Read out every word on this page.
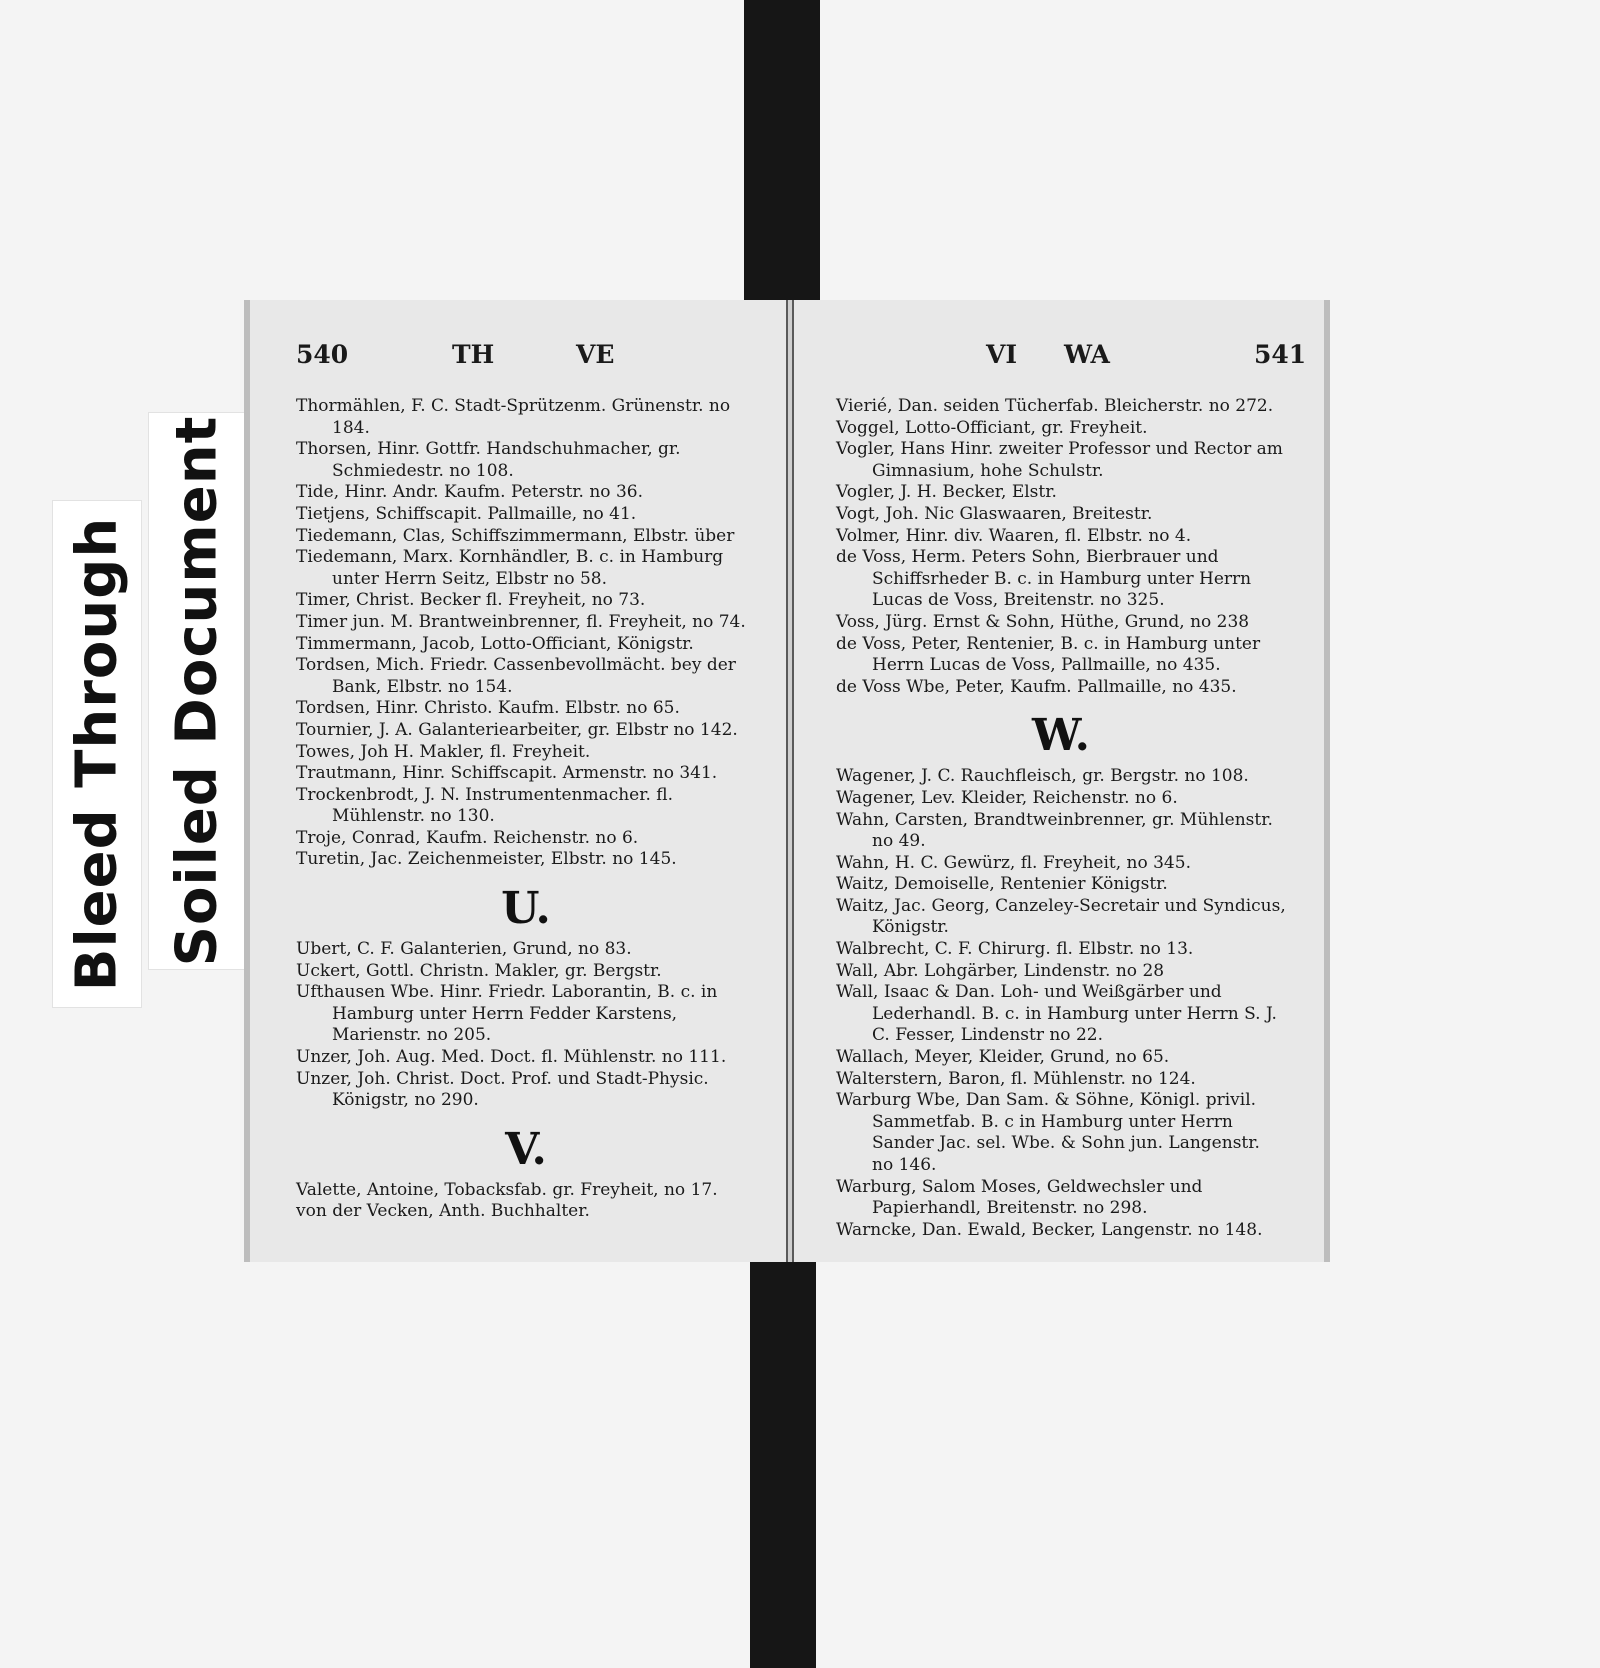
Bleed Through Soiled Document
540	TH	VE

Thormählen, F. C. Stadt-Sprützenm. Grünenstr. no 184.

Thorsen, Hinr. Gottfr. Handschuhmacher, gr. Schmiedestr. no 108.

Tide, Hinr. Andr. Kaufm. Peterstr. no 36.

Tietjens, Schiffscapit. Pallmaille, no 41.

Tiedemann, Clas, Schiffszimmermann, Elbstr. über

Tiedemann, Marx. Kornhändler, B. c. in Hamburg unter Herrn Seitz, Elbstr no 58.

Timer, Christ. Becker fl. Freyheit, no 73.

Timer jun. M. Brantweinbrenner, fl. Freyheit, no 74.

Timmermann, Jacob, Lotto-Officiant, Königstr.

Tordsen, Mich. Friedr. Cassenbevollmächt. bey der Bank, Elbstr. no 154.

Tordsen, Hinr. Christo. Kaufm. Elbstr. no 65.

Tournier, J. A. Galanteriearbeiter, gr. Elbstr no 142.

Towes, Joh H. Makler, fl. Freyheit.

Trautmann, Hinr. Schiffscapit. Armenstr. no 341.

Trockenbrodt, J. N. Instrumentenmacher. fl. Mühlenstr. no 130.

Troje, Conrad, Kaufm. Reichenstr. no 6.

Turetin, Jac. Zeichenmeister, Elbstr. no 145.

U.

Ubert, C. F. Galanterien, Grund, no 83.

Uckert, Gottl. Christn. Makler, gr. Bergstr.

Ufthausen Wbe. Hinr. Friedr. Laborantin, B. c. in Hamburg unter Herrn Fedder Karstens, Marienstr. no 205.

Unzer, Joh. Aug. Med. Doct. fl. Mühlenstr. no 111.

Unzer, Joh. Christ. Doct. Prof. und Stadt-Physic. Königstr, no 290.

V.

Valette, Antoine, Tobacksfab. gr. Freyheit, no 17.

von der Vecken, Anth. Buchhalter.

VI WA	541

Vierié, Dan. seiden Tücherfab. Bleicherstr. no 272.

Voggel, Lotto-Officiant, gr. Freyheit.

Vogler, Hans Hinr. zweiter Professor und Rector am Gimnasium, hohe Schulstr.

Vogler, J. H. Becker, Elstr.

Vogt, Joh. Nic Glaswaaren, Breitestr.

Volmer, Hinr. div. Waaren, fl. Elbstr. no 4.

de Voss, Herm. Peters Sohn, Bierbrauer und Schiffsrheder B. c. in Hamburg unter Herrn Lucas de Voss, Breitenstr. no 325.

Voss, Jürg. Ernst & Sohn, Hüthe, Grund, no 238

de Voss, Peter, Rentenier, B. c. in Hamburg unter Herrn Lucas de Voss, Pallmaille, no 435.

de Voss Wbe, Peter, Kaufm. Pallmaille, no 435.

W.

Wagener, J. C. Rauchfleisch, gr. Bergstr. no 108.

Wagener, Lev. Kleider, Reichenstr. no 6.

Wahn, Carsten, Brandtweinbrenner, gr. Mühlenstr. no 49.

Wahn, H. C. Gewürz, fl. Freyheit, no 345.

Waitz, Demoiselle, Rentenier Königstr.

Waitz, Jac. Georg, Canzeley-Secretair und Syndicus, Königstr.

Walbrecht, C. F. Chirurg. fl. Elbstr. no 13.

Wall, Abr. Lohgärber, Lindenstr. no 28

Wall, Isaac & Dan. Loh- und Weißgärber und Lederhandl. B. c. in Hamburg unter Herrn S. J. C. Fesser, Lindenstr no 22.

Wallach, Meyer, Kleider, Grund, no 65.

Walterstern, Baron, fl. Mühlenstr. no 124.

Warburg Wbe, Dan Sam. & Söhne, Königl. privil. Sammetfab. B. c in Hamburg unter Herrn Sander Jac. sel. Wbe. & Sohn jun. Langenstr. no 146.

Warburg, Salom Moses, Geldwechsler und Papierhandl, Breitenstr. no 298.

Warncke, Dan. Ewald, Becker, Langenstr. no 148.
